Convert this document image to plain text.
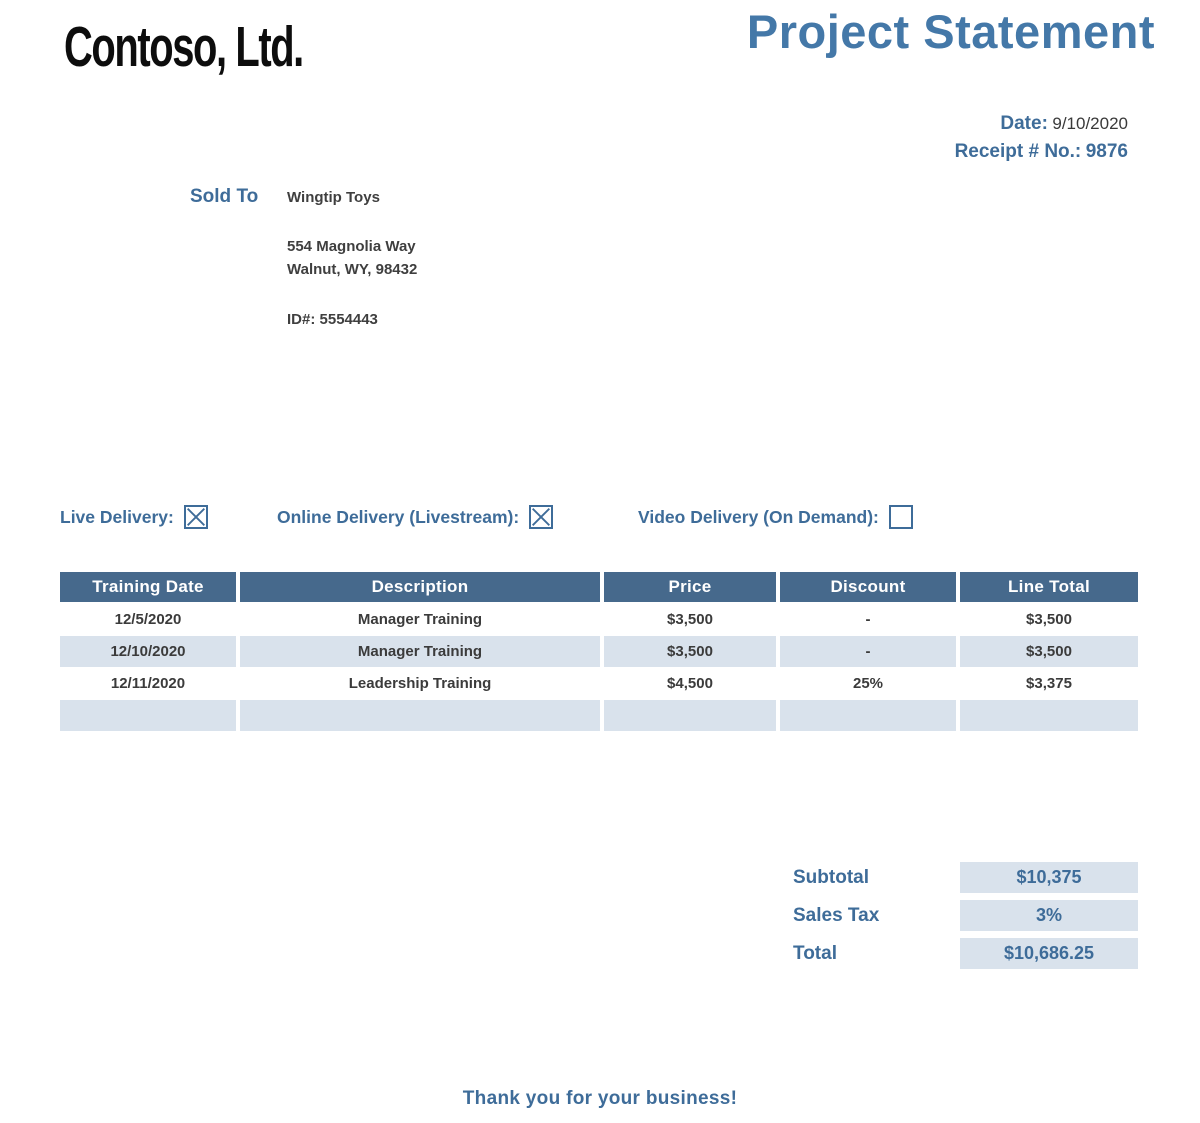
Contoso, Ltd.	Project Statement
Date: 9/10/2020
Receipt # No.: 9876
Sold To Wingtip Toys
554 Magnolia Way
Walnut, WY, 98432
ID#: 5554443
Live Delivery:	Online Delivery (Livestream):	Video Delivery (On Demand):
Training Date	Description	Price	Discount	Line Total
12/5/2020	Manager Training	$3,500	-	$3,500
12/10/2020	Manager Training	$3,500	-	$3,500
12/11/2020	Leadership Training	$4,500	25%	$3,375
Subtotal	$10,375
Sales Tax	3%
Total	$10,686.25
Thank you for your business!
